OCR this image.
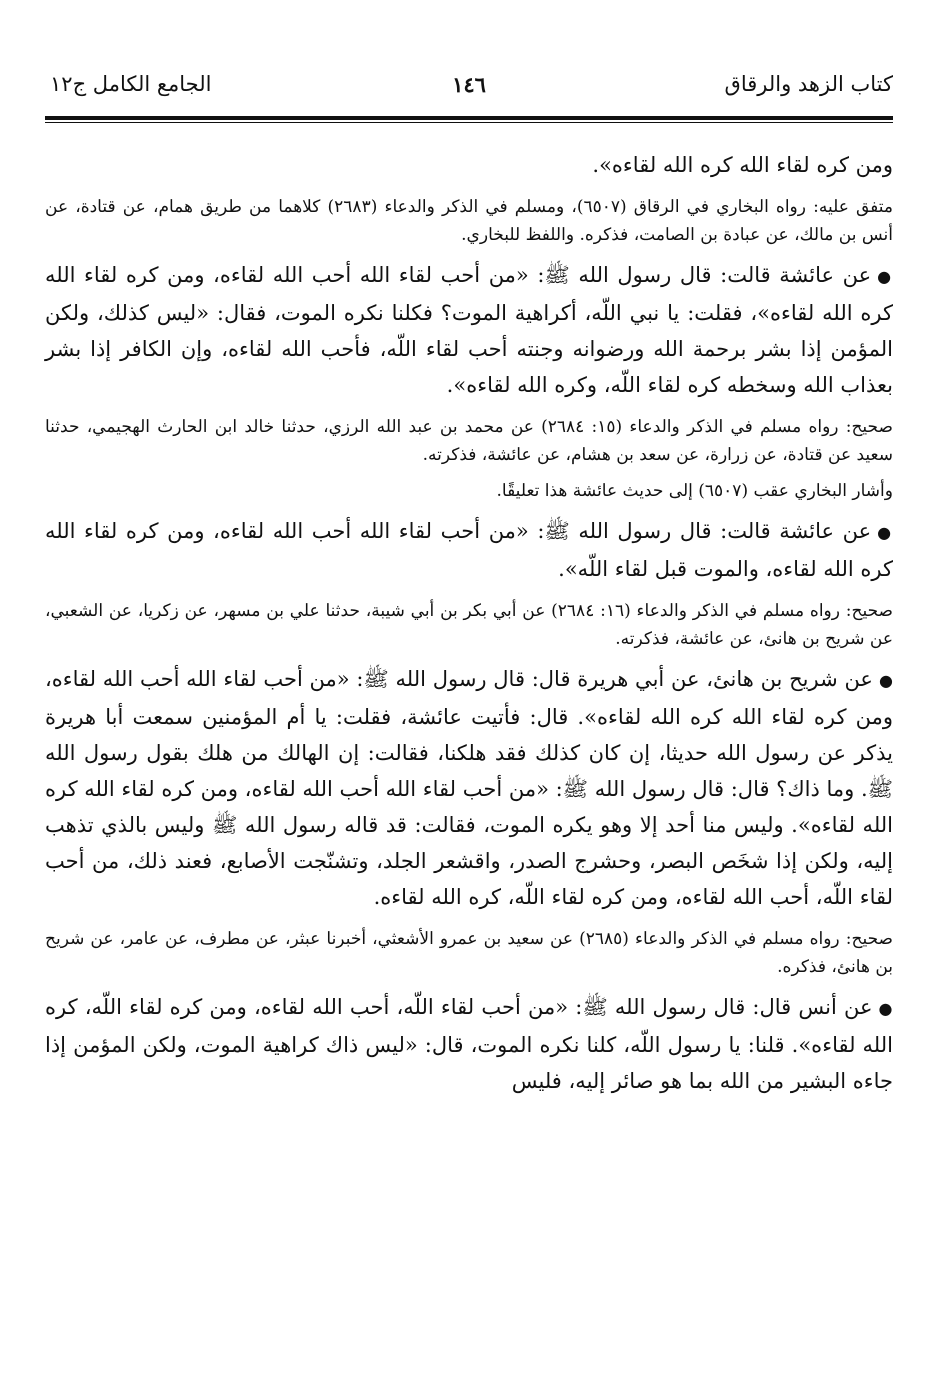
كتاب الزهد والرقاق
١٤٦
الجامع الكامل ج١٢

ومن كره لقاء الله كره الله لقاءه».

متفق عليه: رواه البخاري في الرقاق (٦٥٠٧)، ومسلم في الذكر والدعاء (٢٦٨٣) كلاهما من طريق همام، عن قتادة، عن أنس بن مالك، عن عبادة بن الصامت، فذكره. واللفظ للبخاري.

●عن عائشة قالت: قال رسول الله ﷺ: «من أحب لقاء الله أحب الله لقاءه، ومن كره لقاء الله كره الله لقاءه»، فقلت: يا نبي اللّه، أكراهية الموت؟ فكلنا نكره الموت، فقال: «ليس كذلك، ولكن المؤمن إذا بشر برحمة الله ورضوانه وجنته أحب لقاء اللّه، فأحب الله لقاءه، وإن الكافر إذا بشر بعذاب الله وسخطه كره لقاء اللّه، وكره الله لقاءه».

صحيح: رواه مسلم في الذكر والدعاء (١٥: ٢٦٨٤) عن محمد بن عبد الله الرزي، حدثنا خالد ابن الحارث الهجيمي، حدثنا سعيد عن قتادة، عن زرارة، عن سعد بن هشام، عن عائشة، فذكرته.

وأشار البخاري عقب (٦٥٠٧) إلى حديث عائشة هذا تعليقًا.

●عن عائشة قالت: قال رسول الله ﷺ: «من أحب لقاء الله أحب الله لقاءه، ومن كره لقاء الله كره الله لقاءه، والموت قبل لقاء اللّه».

صحيح: رواه مسلم في الذكر والدعاء (١٦: ٢٦٨٤) عن أبي بكر بن أبي شيبة، حدثنا علي بن مسهر، عن زكريا، عن الشعبي، عن شريح بن هانئ، عن عائشة، فذكرته.

●عن شريح بن هانئ، عن أبي هريرة قال: قال رسول الله ﷺ: «من أحب لقاء الله أحب الله لقاءه، ومن كره لقاء الله كره الله لقاءه». قال: فأتيت عائشة، فقلت: يا أم المؤمنين سمعت أبا هريرة يذكر عن رسول الله حديثا، إن كان كذلك فقد هلكنا، فقالت: إن الهالك من هلك بقول رسول الله ﷺ. وما ذاك؟ قال: قال رسول الله ﷺ: «من أحب لقاء الله أحب الله لقاءه، ومن كره لقاء الله كره الله لقاءه». وليس منا أحد إلا وهو يكره الموت، فقالت: قد قاله رسول الله ﷺ وليس بالذي تذهب إليه، ولكن إذا شخَص البصر، وحشرج الصدر، واقشعر الجلد، وتشنّجت الأصابع، فعند ذلك، من أحب لقاء اللّه، أحب الله لقاءه، ومن كره لقاء اللّه، كره الله لقاءه.

صحيح: رواه مسلم في الذكر والدعاء (٢٦٨٥) عن سعيد بن عمرو الأشعثي، أخبرنا عبثر، عن مطرف، عن عامر، عن شريح بن هانئ، فذكره.

●عن أنس قال: قال رسول الله ﷺ: «من أحب لقاء اللّه، أحب الله لقاءه، ومن كره لقاء اللّه، كره الله لقاءه». قلنا: يا رسول اللّه، كلنا نكره الموت، قال: «ليس ذاك كراهية الموت، ولكن المؤمن إذا جاءه البشير من الله بما هو صائر إليه، فليس
